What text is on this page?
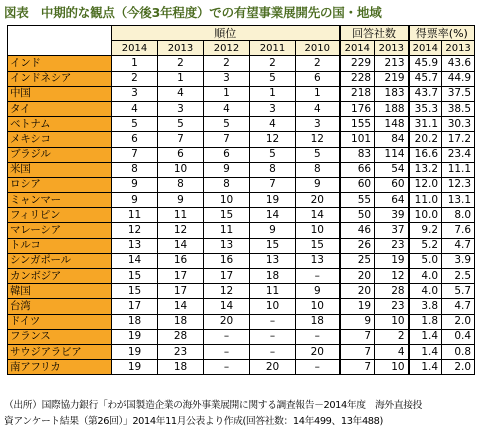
図表　中期的な観点（今後3年程度）での有望事業展開先の国・地域
	順位					回答社数		得票率(%)	
	2014	2013	2012	2011	2010	2014	2013	2014	2013
インド	1	2	2	2	2	229	213	45.9	43.6
インドネシア	2	1	3	5	6	228	219	45.7	44.9
中国	3	4	1	1	1	218	183	43.7	37.5
タイ	4	3	4	3	4	176	188	35.3	38.5
ベトナム	5	5	5	4	3	155	148	31.1	30.3
メキシコ	6	7	7	12	12	101	84	20.2	17.2
ブラジル	7	6	6	5	5	83	114	16.6	23.4
米国	8	10	9	8	8	66	54	13.2	11.1
ロシア	9	8	8	7	9	60	60	12.0	12.3
ミャンマー	9	9	10	19	20	55	64	11.0	13.1
フィリピン	11	11	15	14	14	50	39	10.0	8.0
マレーシア	12	12	11	9	10	46	37	9.2	7.6
トルコ	13	14	13	15	15	26	23	5.2	4.7
シンガポール	14	16	16	13	13	25	19	5.0	3.9
カンボジア	15	17	17	18	–	20	12	4.0	2.5
韓国	15	17	12	11	9	20	28	4.0	5.7
台湾	17	14	14	10	10	19	23	3.8	4.7
ドイツ	18	18	20	–	18	9	10	1.8	2.0
フランス	19	28	–	–	–	7	2	1.4	0.4
サウジアラビア	19	23	–	–	20	7	4	1.4	0.8
南アフリカ	19	18	–	20	–	7	10	1.4	2.0
（出所）国際協力銀行「わが国製造企業の海外事業展開に関する調査報告－2014年度　海外直接投
資アンケート結果（第26回）」2014年11月公表より作成(回答社数：14年499、13年488)
